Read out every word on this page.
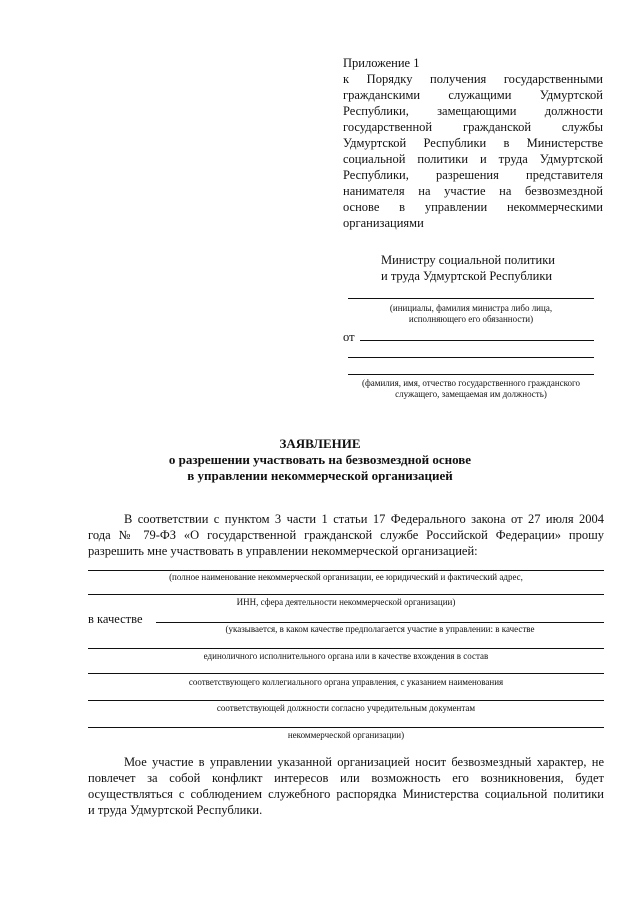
Приложение 1
к Порядку получения государственными
гражданскими служащими Удмуртской
Республики, замещающими должности
государственной гражданской службы
Удмуртской Республики в Министерстве
социальной политики и труда Удмуртской
Республики, разрешения представителя
нанимателя на участие на безвозмездной
основе в управлении некоммерческими
организациями
Министру социальной политики
и труда Удмуртской Республики
(инициалы, фамилия министра либо лица,
исполняющего его обязанности)
от
(фамилия, имя, отчество государственного гражданского
служащего, замещаемая им должность)
ЗАЯВЛЕНИЕ
о разрешении участвовать на безвозмездной основе
в управлении некоммерческой организацией
В соответствии с пунктом 3 части 1 статьи 17 Федерального закона от 27 июля 2004
года № 79-ФЗ «О государственной гражданской службе Российской Федерации» прошу
разрешить мне участвовать в управлении некоммерческой организацией:
(полное наименование некоммерческой организации, ее юридический и фактический адрес,
ИНН, сфера деятельности некоммерческой организации)
в качестве
(указывается, в каком качестве предполагается участие в управлении: в качестве
единоличного исполнительного органа или в качестве вхождения в состав
соответствующего коллегиального органа управления, с указанием наименования
соответствующей должности согласно учредительным документам
некоммерческой организации)
Мое участие в управлении указанной организацией носит безвозмездный характер, не
повлечет за собой конфликт интересов или возможность его возникновения, будет
осуществляться с соблюдением служебного распорядка Министерства социальной политики
и труда Удмуртской Республики.
